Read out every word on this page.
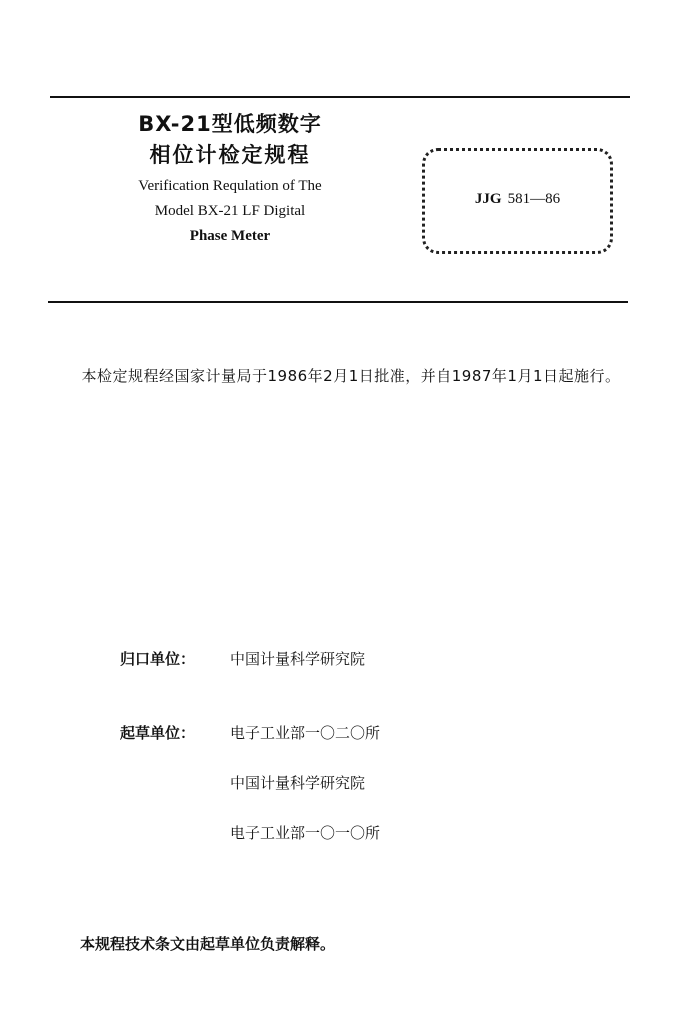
BX-21型低频数字
相位计检定规程
Verification Requlation of The
Model BX-21 LF Digital
Phase Meter
JJG 581—86
本检定规程经国家计量局于1986年2月1日批准，并自1987年1月1日起施行。
归口单位： 中国计量科学研究院
起草单位： 电子工业部一〇二〇所
中国计量科学研究院
电子工业部一〇一〇所
本规程技术条文由起草单位负责解释。
